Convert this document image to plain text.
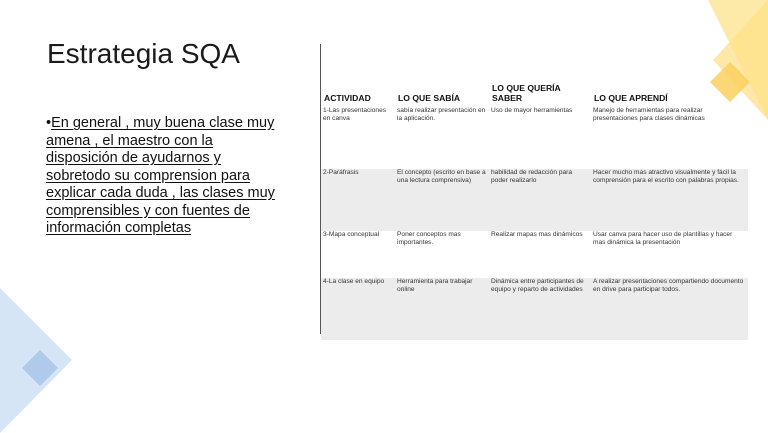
Estrategia SQA
•En general , muy buena clase muy amena , el maestro con la disposición de ayudarnos y sobretodo su comprension para explicar cada duda , las clases muy comprensibles y con fuentes de información completas
ACTIVIDAD	LO QUE SABÍA	LO QUE QUERÍA SABER	LO QUE APRENDÍ
1-Las presentaciones en canva	sabía realizar presentación en la aplicación.	Uso de mayor herramientas	Manejo de herramientas para realizar presentaciones para clases dinámicas
2-Paráfrasis	El concepto (escrito en base a una lectura comprensiva)	habilidad de redacción para poder realizarlo	Hacer mucho mas atractivo visualmente y fácil la comprensión para el escrito con palabras propias.
3-Mapa conceptual	Poner conceptos mas importantes.	Realizar mapas mas dinámicos	Usar canva para hacer uso de plantillas y hacer mas dinámica la presentación
4-La clase en equipo	Herramienta para trabajar online	Dinámica entre participantes de equipo y reparto de actividades	A realizar presentaciones compartiendo documento en drive para participar todos.
